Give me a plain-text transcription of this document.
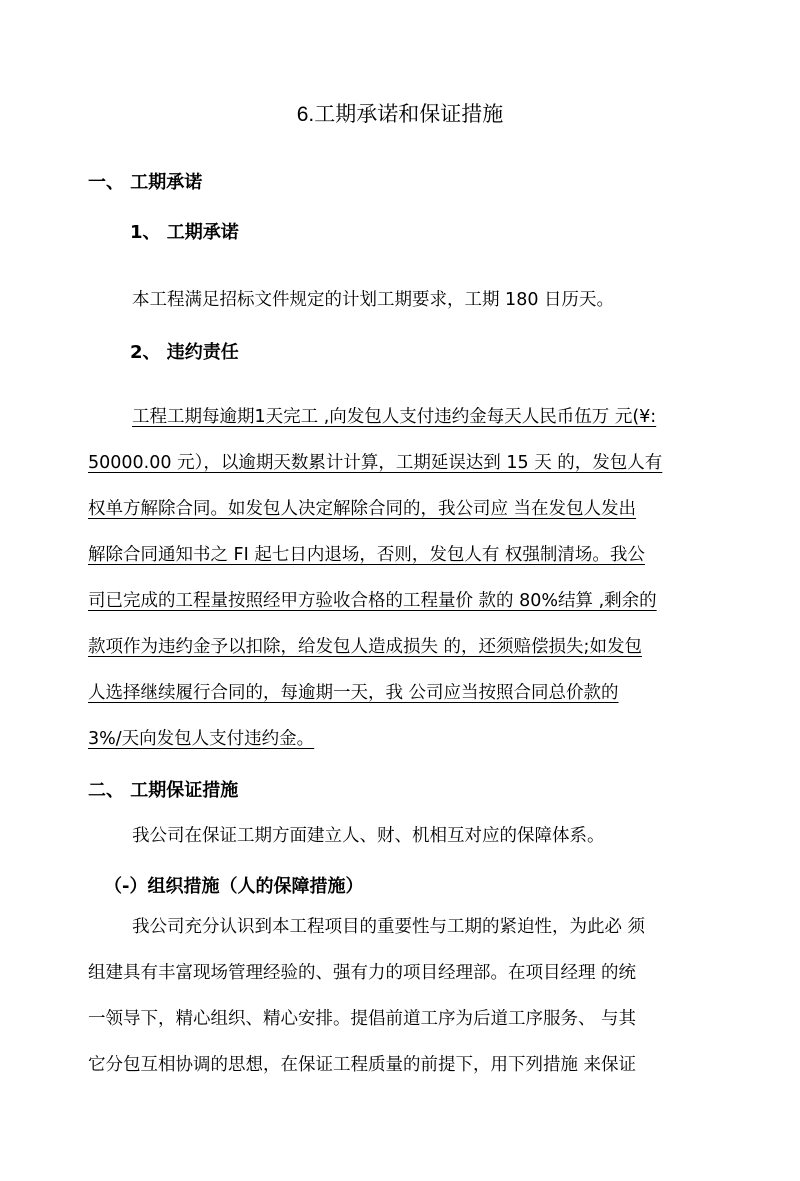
6.工期承诺和保证措施
一、 工期承诺
1、 工期承诺
本工程满足招标文件规定的计划工期要求，工期 180 日历天。
2、 违约责任
工程工期每逾期1天完工 ,向发包人支付违约金每天人民币伍万 元(¥:
50000.00 元），以逾期天数累计计算，工期延误达到 15 天 的，发包人有
权单方解除合同。如发包人决定解除合同的，我公司应 当在发包人发出
解除合同通知书之 FI 起七日内退场，否则，发包人有 权强制清场。我公
司已完成的工程量按照经甲方验收合格的工程量价 款的 80%结算 ,剩余的
款项作为违约金予以扣除，给发包人造成损失 的，还须赔偿损失;如发包
人选择继续履行合同的，每逾期一天，我 公司应当按照合同总价款的
3%/天向发包人支付违约金。
二、 工期保证措施
我公司在保证工期方面建立人、财、机相互对应的保障体系。
（-）组织措施（人的保障措施）
我公司充分认识到本工程项目的重要性与工期的紧迫性，为此必 须
组建具有丰富现场管理经验的、强有力的项目经理部。在项目经理 的统
一领导下，精心组织、精心安排。提倡前道工序为后道工序服务、 与其
它分包互相协调的思想，在保证工程质量的前提下，用下列措施 来保证
